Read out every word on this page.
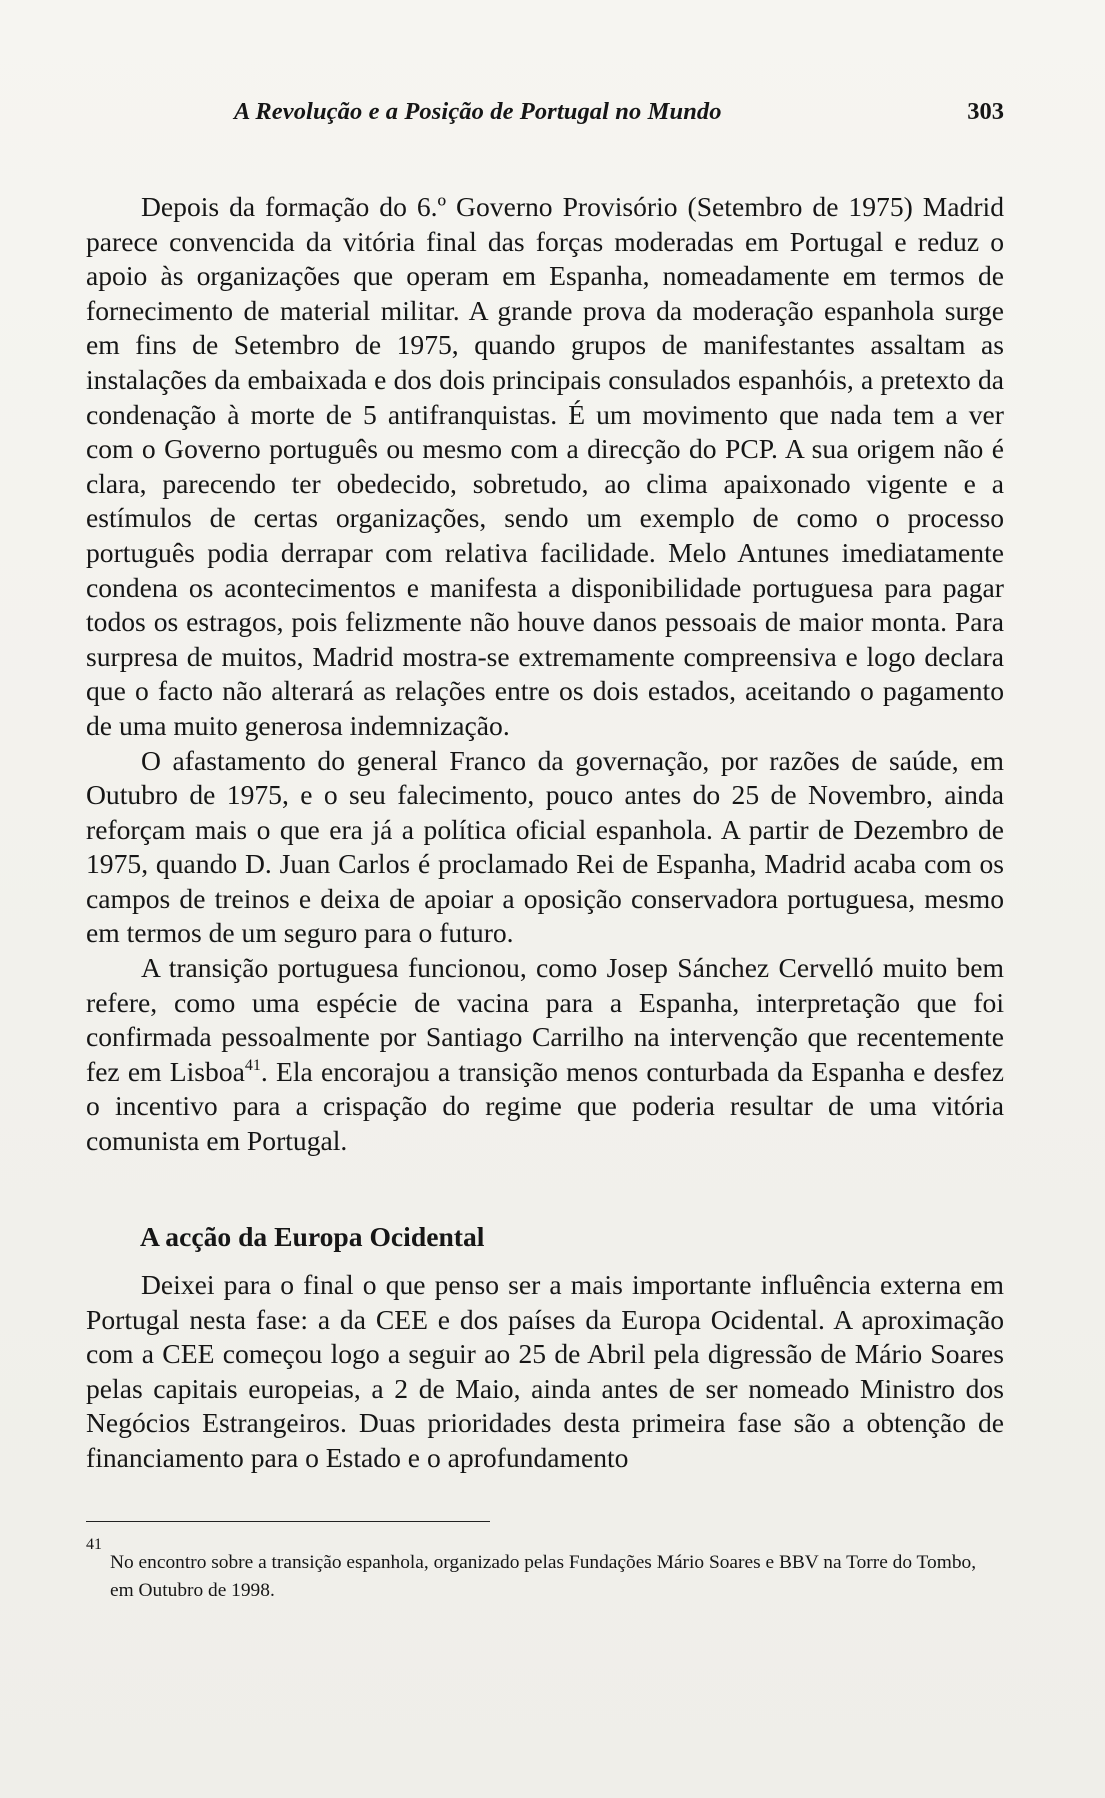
A Revolução e a Posição de Portugal no Mundo	303

Depois da formação do 6.º Governo Provisório (Setembro de 1975) Madrid parece convencida da vitória final das forças moderadas em Portugal e reduz o apoio às organizações que operam em Espanha, nomeadamente em termos de fornecimento de material militar. A grande prova da moderação espanhola surge em fins de Setembro de 1975, quando grupos de manifestantes assaltam as instalações da embaixada e dos dois principais consulados espanhóis, a pretexto da condenação à morte de 5 antifranquistas. É um movimento que nada tem a ver com o Governo português ou mesmo com a direcção do PCP. A sua origem não é clara, parecendo ter obedecido, sobretudo, ao clima apaixonado vigente e a estímulos de certas organizações, sendo um exemplo de como o processo português podia derrapar com relativa facilidade. Melo Antunes imediatamente condena os acontecimentos e manifesta a disponibilidade portuguesa para pagar todos os estragos, pois felizmente não houve danos pessoais de maior monta. Para surpresa de muitos, Madrid mostra-se extremamente compreensiva e logo declara que o facto não alterará as relações entre os dois estados, aceitando o pagamento de uma muito generosa indemnização.

O afastamento do general Franco da governação, por razões de saúde, em Outubro de 1975, e o seu falecimento, pouco antes do 25 de Novembro, ainda reforçam mais o que era já a política oficial espanhola. A partir de Dezembro de 1975, quando D. Juan Carlos é proclamado Rei de Espanha, Madrid acaba com os campos de treinos e deixa de apoiar a oposição conservadora portuguesa, mesmo em termos de um seguro para o futuro.

A transição portuguesa funcionou, como Josep Sánchez Cervelló muito bem refere, como uma espécie de vacina para a Espanha, interpretação que foi confirmada pessoalmente por Santiago Carrilho na intervenção que recentemente fez em Lisboa$^{41}$. Ela encorajou a transição menos conturbada da Espanha e desfez o incentivo para a crispação do regime que poderia resultar de uma vitória comunista em Portugal.

A acção da Europa Ocidental

Deixei para o final o que penso ser a mais importante influência externa em Portugal nesta fase: a da CEE e dos países da Europa Ocidental. A aproximação com a CEE começou logo a seguir ao 25 de Abril pela digressão de Mário Soares pelas capitais europeias, a 2 de Maio, ainda antes de ser nomeado Ministro dos Negócios Estrangeiros. Duas prioridades desta primeira fase são a obtenção de financiamento para o Estado e o aprofundamento

41
No encontro sobre a transição espanhola, organizado pelas Fundações Mário Soares e BBV na Torre do Tombo, em Outubro de 1998.
